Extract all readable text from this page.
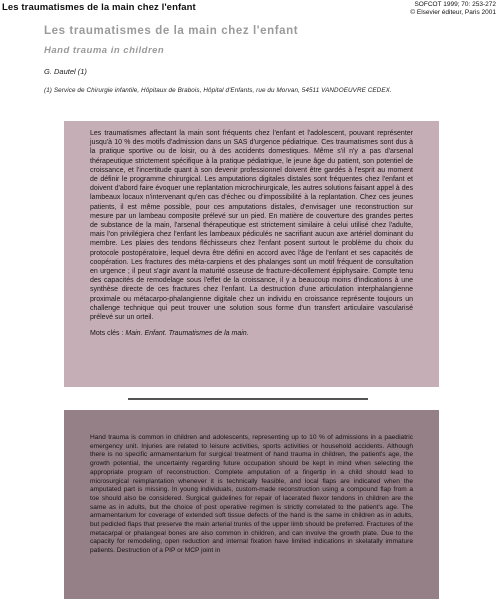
Les traumatismes de la main chez l'enfant	SOFCOT 1999; 70: 253-272
© Elsevier éditeur, Paris 2001
Les traumatismes de la main chez l'enfant
Hand trauma in children
G. Dautel (1)
(1) Service de Chirurgie infantile, Hôpitaux de Brabois, Hôpital d'Enfants, rue du Morvan, 54511 VANDOEUVRE CEDEX.

Les traumatismes affectant la main sont fréquents chez l'enfant et l'adolescent, pouvant représenter jusqu'à 10 % des motifs d'admission dans un SAS d'urgence pédiatrique. Ces traumatismes sont dus à la pratique sportive ou de loisir, ou à des accidents domestiques. Même s'il n'y a pas d'arsenal thérapeutique strictement spécifique à la pratique pédiatrique, le jeune âge du patient, son potentiel de croissance, et l'incertitude quant à son devenir professionnel doivent être gardés à l'esprit au moment de définir le programme chirurgical. Les amputations digitales distales sont fréquentes chez l'enfant et doivent d'abord faire évoquer une replantation microchirurgicale, les autres solutions faisant appel à des lambeaux locaux n'intervenant qu'en cas d'échec ou d'impossibilité à la replantation. Chez ces jeunes patients, il est même possible, pour ces amputations distales, d'envisager une reconstruction sur mesure par un lambeau composite prélevé sur un pied. En matière de couverture des grandes pertes de substance de la main, l'arsenal thérapeutique est strictement similaire à celui utilisé chez l'adulte, mais l'on privilégiera chez l'enfant les lambeaux pédiculés ne sacrifiant aucun axe artériel dominant du membre. Les plaies des tendons fléchisseurs chez l'enfant posent surtout le problème du choix du protocole postopératoire, lequel devra être défini en accord avec l'âge de l'enfant et ses capacités de coopération. Les fractures des méta-carpiens et des phalanges sont un motif fréquent de consultation en urgence ; il peut s'agir avant la maturité osseuse de fracture-décollement épiphysaire. Compte tenu des capacités de remodelage sous l'effet de la croissance, il y a beaucoup moins d'indications à une synthèse directe de ces fractures chez l'enfant. La destruction d'une articulation interphalangienne proximale ou métacarpo-phalangienne digitale chez un individu en croissance représente toujours un challenge technique qui peut trouver une solution sous forme d'un transfert articulaire vascularisé prélevé sur un orteil.

Mots clés : Main. Enfant. Traumatismes de la main.

Hand trauma is common in children and adolescents, representing up to 10 % of admissions in a paediatric emergency unit. Injuries are related to leisure activities, sports activities or household accidents. Although there is no specific armamentarium for surgical treatment of hand trauma in children, the patient's age, the growth potential, the uncertainty regarding future occupation should be kept in mind when selecting the appropriate program of reconstruction. Complete amputation of a fingertip in a child should lead to microsurgical reimplantation whenever it is technically feasible, and local flaps are indicated when the amputated part is missing. In young individuals, custom-made reconstruction using a compound flap from a toe should also be considered. Surgical guidelines for repair of lacerated flexor tendons in children are the same as in adults, but the choice of post operative regimen is strictly correlated to the patient's age. The armamentarium for coverage of extended soft tissue defects of the hand is the same in children as in adults, but pedicled flaps that preserve the main arterial trunks of the upper limb should be preferred. Fractures of the metacarpal or phalangeal bones are also common in children, and can involve the growth plate. Due to the capacity for remodeling, open reduction and internal fixation have limited indications in skelatally immature patients. Destruction of a PIP or MCP joint in
